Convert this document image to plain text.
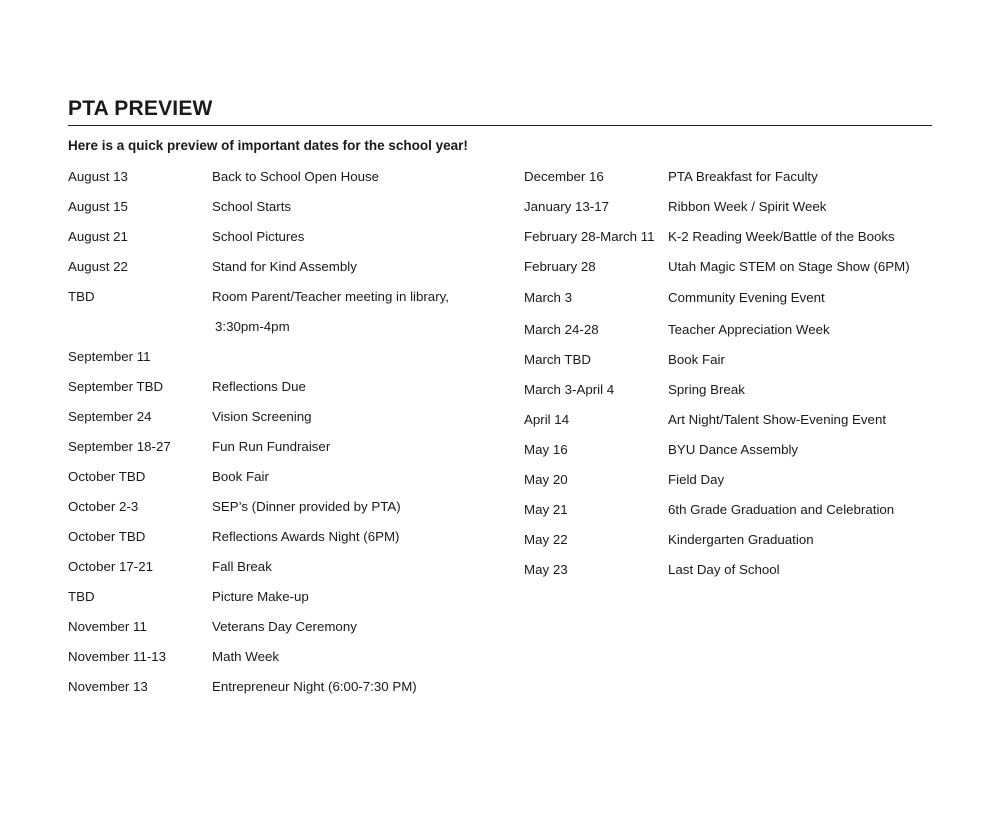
PTA PREVIEW

Here is a quick preview of important dates for the school year!

August 13	Back to School Open House
August 15	School Starts
August 21	School Pictures
August 22	Stand for Kind Assembly
TBD	Room Parent/Teacher meeting in library,
3:30pm-4pm
September 11
September TBD	Reflections Due
September 24	Vision Screening
September 18-27	Fun Run Fundraiser
October TBD	Book Fair
October 2-3	SEP’s (Dinner provided by PTA)
October TBD	Reflections Awards Night (6PM)
October 17-21	Fall Break
TBD	Picture Make-up
November 11	Veterans Day Ceremony
November 11-13	Math Week
November 13	Entrepreneur Night (6:00-7:30 PM)
December 16	PTA Breakfast for Faculty
January 13-17	Ribbon Week / Spirit Week
February 28-March 11	K-2 Reading Week/Battle of the Books
February 28	Utah Magic STEM on Stage Show (6PM)
March 3	Community Evening Event
March 24-28	Teacher Appreciation Week
March TBD	Book Fair
March 3-April 4	Spring Break
April 14	Art Night/Talent Show-Evening Event
May 16	BYU Dance Assembly
May 20	Field Day
May 21	6th Grade Graduation and Celebration
May 22	Kindergarten Graduation
May 23	Last Day of School
